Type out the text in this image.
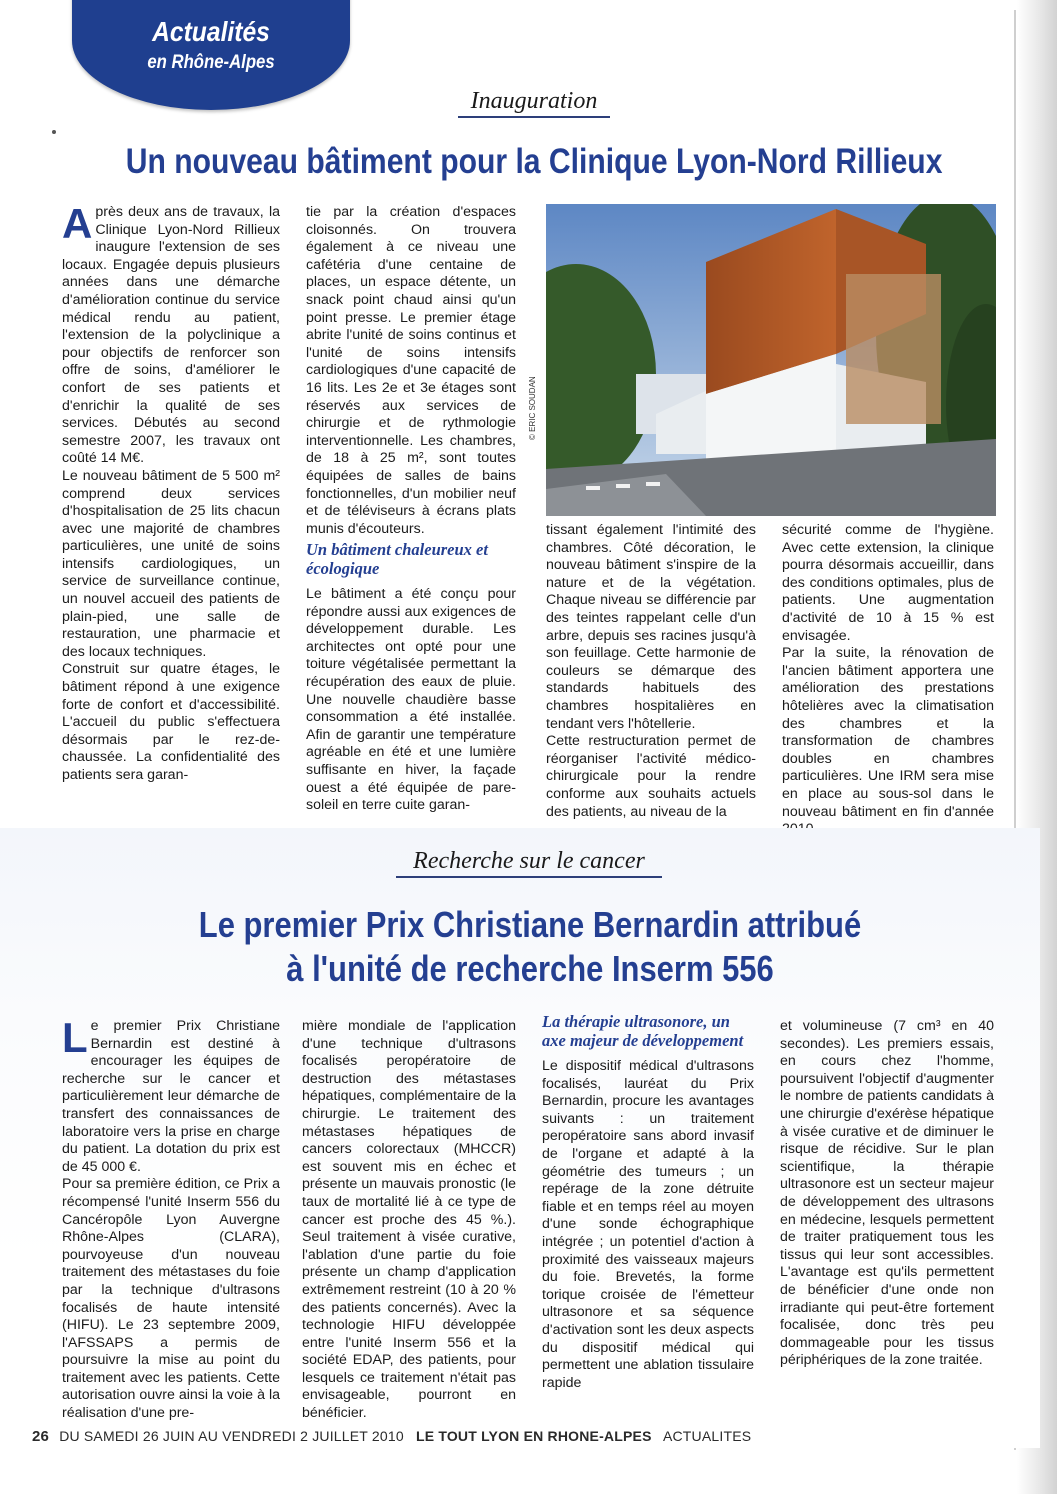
Actualités
en Rhône-Alpes
Inauguration
Un nouveau bâtiment pour la Clinique Lyon-Nord Rillieux

Après deux ans de travaux, la Clinique Lyon-Nord Rillieux inaugure l'extension de ses locaux. Engagée depuis plusieurs années dans une démarche d'amélioration continue du service médical rendu au patient, l'extension de la polyclinique a pour objectifs de renforcer son offre de soins, d'améliorer le confort de ses patients et d'enrichir la qualité de ses services. Débutés au second semestre 2007, les travaux ont coûté 14 M€.

Le nouveau bâtiment de 5 500 m² comprend deux services d'hospitalisation de 25 lits chacun avec une majorité de chambres particulières, une unité de soins intensifs cardiologiques, un service de surveillance continue, un nouvel accueil des patients de plain-pied, une salle de restauration, une pharmacie et des locaux techniques.

Construit sur quatre étages, le bâtiment répond à une exigence forte de confort et d'accessibilité. L'accueil du public s'effectuera désormais par le rez-de-chaussée. La confidentialité des patients sera garan-

tie par la création d'espaces cloisonnés. On trouvera également à ce niveau une cafétéria d'une centaine de places, un espace détente, un snack point chaud ainsi qu'un point presse. Le premier étage abrite l'unité de soins continus et l'unité de soins intensifs cardiologiques d'une capacité de 16 lits. Les 2e et 3e étages sont réservés aux services de chirurgie et de rythmologie interventionnelle. Les chambres, de 18 à 25 m², sont toutes équipées de salles de bains fonctionnelles, d'un mobilier neuf et de téléviseurs à écrans plats munis d'écouteurs.

© ERIC SOUDAN
Un bâtiment chaleureux et écologique

Le bâtiment a été conçu pour répondre aussi aux exigences de développement durable. Les architectes ont opté pour une toiture végétalisée permettant la récupération des eaux de pluie. Une nouvelle chaudière basse consommation a été installée. Afin de garantir une température agréable en été et une lumière suffisante en hiver, la façade ouest a été équipée de pare-soleil en terre cuite garan-

tissant également l'intimité des chambres. Côté décoration, le nouveau bâtiment s'inspire de la nature et de la végétation. Chaque niveau se différencie par des teintes rappelant celle d'un arbre, depuis ses racines jusqu'à son feuillage. Cette harmonie de couleurs se démarque des standards habituels des chambres hospitalières en tendant vers l'hôtellerie.

Cette restructuration permet de réorganiser l'activité médico-chirurgicale pour la rendre conforme aux souhaits actuels des patients, au niveau de la

sécurité comme de l'hygiène. Avec cette extension, la clinique pourra désormais accueillir, dans des conditions optimales, plus de patients. Une augmentation d'activité de 10 à 15 % est envisagée.

Par la suite, la rénovation de l'ancien bâtiment apportera une amélioration des prestations hôtelières avec la climatisation des chambres et la transformation de chambres doubles en chambres particulières. Une IRM sera mise en place au sous-sol dans le nouveau bâtiment en fin d'année

Recherche sur le cancer
Le premier Prix Christiane Bernardin attribué
à l'unité de recherche Inserm 556

Le premier Prix Christiane Bernardin est destiné à encourager les équipes de recherche sur le cancer et particulièrement leur démarche de transfert des connaissances de laboratoire vers la prise en charge du patient. La dotation du prix est de 45 000 €.

Pour sa première édition, ce Prix a récompensé l'unité Inserm 556 du Cancéropôle Lyon Auvergne Rhône-Alpes (CLARA), pourvoyeuse d'un nouveau traitement des métastases du foie par la technique d'ultrasons focalisés de haute intensité (HIFU). Le 23 septembre 2009, l'AFSSAPS a permis de poursuivre la mise au point du traitement avec les patients. Cette autorisation ouvre ainsi la voie à la réalisation d'une pre-

mière mondiale de l'application d'une technique d'ultrasons focalisés peropératoire de destruction des métastases hépatiques, complémentaire de la chirurgie. Le traitement des métastases hépatiques de cancers colorectaux (MHCCR) est souvent mis en échec et présente un mauvais pronostic (le taux de mortalité lié à ce type de cancer est proche des 45 %.). Seul traitement à visée curative, l'ablation d'une partie du foie présente un champ d'application extrêmement restreint (10 à 20 % des patients concernés). Avec la technologie HIFU développée entre l'unité Inserm 556 et la société EDAP, des patients, pour lesquels ce traitement n'était pas envisageable, pourront en bénéficier.

La thérapie ultrasonore, un axe majeur de développement

Le dispositif médical d'ultrasons focalisés, lauréat du Prix Bernardin, procure les avantages suivants : un traitement peropératoire sans abord invasif de l'organe et adapté à la géométrie des tumeurs ; un repérage de la zone détruite fiable et en temps réel au moyen d'une sonde échographique intégrée ; un potentiel d'action à proximité des vaisseaux majeurs du foie. Brevetés, la forme torique croisée de l'émetteur ultrasonore et sa séquence d'activation sont les deux aspects du dispositif médical qui permettent une ablation tissulaire rapide

et volumineuse (7 cm³ en 40 secondes). Les premiers essais, en cours chez l'homme, poursuivent l'objectif d'augmenter le nombre de patients candidats à une chirurgie d'exérèse hépatique à visée curative et de diminuer le risque de récidive. Sur le plan scientifique, la thérapie ultrasonore est un secteur majeur de développement des ultrasons en médecine, lesquels permettent de traiter pratiquement tous les tissus qui leur sont accessibles. L'avantage est qu'ils permettent de bénéficier d'une onde non irradiante qui peut-être fortement focalisée, donc très peu dommageable pour les tissus périphériques de la zone traitée.

26 DU SAMEDI 26 JUIN AU VENDREDI 2 JUILLET 2010 LE TOUT LYON EN RHONE-ALPES ACTUALITES
